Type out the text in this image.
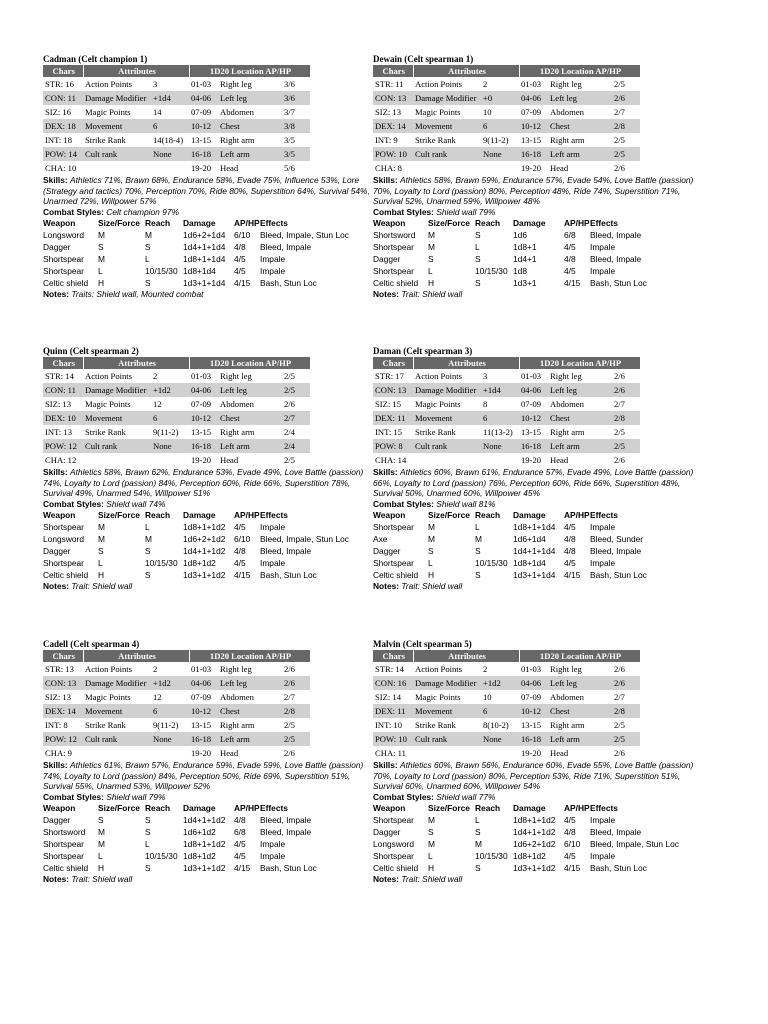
Cadman (Celt champion 1)
Chars	Attributes		1D20 Location AP/HP		
STR: 16	Action Points	3	01-03	Right leg	3/6
CON: 11	Damage Modifier	+1d4	04-06	Left leg	3/6
SIZ: 16	Magic Points	14	07-09	Abdomen	3/7
DEX: 18	Movement	6	10-12	Chest	3/8
INT: 18	Strike Rank	14(18-4)	13-15	Right arm	3/5
POW: 14	Cult rank	None	16-18	Left arm	3/5
CHA: 10			19-20	Head	5/6
Skills: Athletics 71%, Brawn 68%, Endurance 58%, Evade 75%, Influence 53%, Lore (Strategy and tactics) 70%, Perception 70%, Ride 80%, Superstition 64%, Survival 54%, Unarmed 72%, Willpower 57%
Combat Styles: Celt champion 97%
Weapon	Size/Force	Reach	Damage	AP/HP	Effects
Longsword	M	M	1d6+2+1d4	6/10	Bleed, Impale, Stun Loc
Dagger	S	S	1d4+1+1d4	4/8	Bleed, Impale
Shortspear	M	L	1d8+1+1d4	4/5	Impale
Shortspear	L	10/15/30	1d8+1d4	4/5	Impale
Celtic shield	H	S	1d3+1+1d4	4/15	Bash, Stun Loc
Notes: Traits: Shield wall, Mounted combat
Dewain (Celt spearman 1)
Chars	Attributes		1D20 Location AP/HP		
STR: 11	Action Points	2	01-03	Right leg	2/5
CON: 13	Damage Modifier	+0	04-06	Left leg	2/6
SIZ: 13	Magic Points	10	07-09	Abdomen	2/7
DEX: 14	Movement	6	10-12	Chest	2/8
INT: 9	Strike Rank	9(11-2)	13-15	Right arm	2/5
POW: 10	Cult rank	None	16-18	Left arm	2/5
CHA: 8			19-20	Head	2/6
Skills: Athletics 58%, Brawn 59%, Endurance 57%, Evade 54%, Love Battle (passion) 70%, Loyalty to Lord (passion) 80%, Perception 48%, Ride 74%, Superstition 71%, Survival 52%, Unarmed 59%, Willpower 48%
Combat Styles: Shield wall 79%
Weapon	Size/Force	Reach	Damage	AP/HP	Effects
Shortsword	M	S	1d6	6/8	Bleed, Impale
Shortspear	M	L	1d8+1	4/5	Impale
Dagger	S	S	1d4+1	4/8	Bleed, Impale
Shortspear	L	10/15/30	1d8	4/5	Impale
Celtic shield	H	S	1d3+1	4/15	Bash, Stun Loc
Notes: Trait: Shield wall
Quinn (Celt spearman 2)
Chars	Attributes		1D20 Location AP/HP		
STR: 14	Action Points	2	01-03	Right leg	2/5
CON: 11	Damage Modifier	+1d2	04-06	Left leg	2/5
SIZ: 13	Magic Points	12	07-09	Abdomen	2/6
DEX: 10	Movement	6	10-12	Chest	2/7
INT: 13	Strike Rank	9(11-2)	13-15	Right arm	2/4
POW: 12	Cult rank	None	16-18	Left arm	2/4
CHA: 12			19-20	Head	2/5
Skills: Athletics 58%, Brawn 62%, Endurance 53%, Evade 49%, Love Battle (passion) 74%, Loyalty to Lord (passion) 84%, Perception 60%, Ride 66%, Superstition 78%, Survival 49%, Unarmed 54%, Willpower 51%
Combat Styles: Shield wall 74%
Weapon	Size/Force	Reach	Damage	AP/HP	Effects
Shortspear	M	L	1d8+1+1d2	4/5	Impale
Longsword	M	M	1d6+2+1d2	6/10	Bleed, Impale, Stun Loc
Dagger	S	S	1d4+1+1d2	4/8	Bleed, Impale
Shortspear	L	10/15/30	1d8+1d2	4/5	Impale
Celtic shield	H	S	1d3+1+1d2	4/15	Bash, Stun Loc
Notes: Trait: Shield wall
Daman (Celt spearman 3)
Chars	Attributes		1D20 Location AP/HP		
STR: 17	Action Points	3	01-03	Right leg	2/6
CON: 13	Damage Modifier	+1d4	04-06	Left leg	2/6
SIZ: 15	Magic Points	8	07-09	Abdomen	2/7
DEX: 11	Movement	6	10-12	Chest	2/8
INT: 15	Strike Rank	11(13-2)	13-15	Right arm	2/5
POW: 8	Cult rank	None	16-18	Left arm	2/5
CHA: 14			19-20	Head	2/6
Skills: Athletics 60%, Brawn 61%, Endurance 57%, Evade 49%, Love Battle (passion) 66%, Loyalty to Lord (passion) 76%, Perception 60%, Ride 66%, Superstition 48%, Survival 50%, Unarmed 60%, Willpower 45%
Combat Styles: Shield wall 81%
Weapon	Size/Force	Reach	Damage	AP/HP	Effects
Shortspear	M	L	1d8+1+1d4	4/5	Impale
Axe	M	M	1d6+1d4	4/8	Bleed, Sunder
Dagger	S	S	1d4+1+1d4	4/8	Bleed, Impale
Shortspear	L	10/15/30	1d8+1d4	4/5	Impale
Celtic shield	H	S	1d3+1+1d4	4/15	Bash, Stun Loc
Notes: Trait: Shield wall
Cadell (Celt spearman 4)
Chars	Attributes		1D20 Location AP/HP		
STR: 13	Action Points	2	01-03	Right leg	2/6
CON: 13	Damage Modifier	+1d2	04-06	Left leg	2/6
SIZ: 13	Magic Points	12	07-09	Abdomen	2/7
DEX: 14	Movement	6	10-12	Chest	2/8
INT: 8	Strike Rank	9(11-2)	13-15	Right arm	2/5
POW: 12	Cult rank	None	16-18	Left arm	2/5
CHA: 9			19-20	Head	2/6
Skills: Athletics 61%, Brawn 57%, Endurance 59%, Evade 59%, Love Battle (passion) 74%, Loyalty to Lord (passion) 84%, Perception 50%, Ride 69%, Superstition 51%, Survival 55%, Unarmed 53%, Willpower 52%
Combat Styles: Shield wall 79%
Weapon	Size/Force	Reach	Damage	AP/HP	Effects
Dagger	S	S	1d4+1+1d2	4/8	Bleed, Impale
Shortsword	M	S	1d6+1d2	6/8	Bleed, Impale
Shortspear	M	L	1d8+1+1d2	4/5	Impale
Shortspear	L	10/15/30	1d8+1d2	4/5	Impale
Celtic shield	H	S	1d3+1+1d2	4/15	Bash, Stun Loc
Notes: Trait: Shield wall
Malvin (Celt spearman 5)
Chars	Attributes		1D20 Location AP/HP		
STR: 14	Action Points	2	01-03	Right leg	2/6
CON: 16	Damage Modifier	+1d2	04-06	Left leg	2/6
SIZ: 14	Magic Points	10	07-09	Abdomen	2/7
DEX: 11	Movement	6	10-12	Chest	2/8
INT: 10	Strike Rank	8(10-2)	13-15	Right arm	2/5
POW: 10	Cult rank	None	16-18	Left arm	2/5
CHA: 11			19-20	Head	2/6
Skills: Athletics 60%, Brawn 56%, Endurance 60%, Evade 55%, Love Battle (passion) 70%, Loyalty to Lord (passion) 80%, Perception 53%, Ride 71%, Superstition 51%, Survival 60%, Unarmed 60%, Willpower 54%
Combat Styles: Shield wall 77%
Weapon	Size/Force	Reach	Damage	AP/HP	Effects
Shortspear	M	L	1d8+1+1d2	4/5	Impale
Dagger	S	S	1d4+1+1d2	4/8	Bleed, Impale
Longsword	M	M	1d6+2+1d2	6/10	Bleed, Impale, Stun Loc
Shortspear	L	10/15/30	1d8+1d2	4/5	Impale
Celtic shield	H	S	1d3+1+1d2	4/15	Bash, Stun Loc
Notes: Trait: Shield wall
